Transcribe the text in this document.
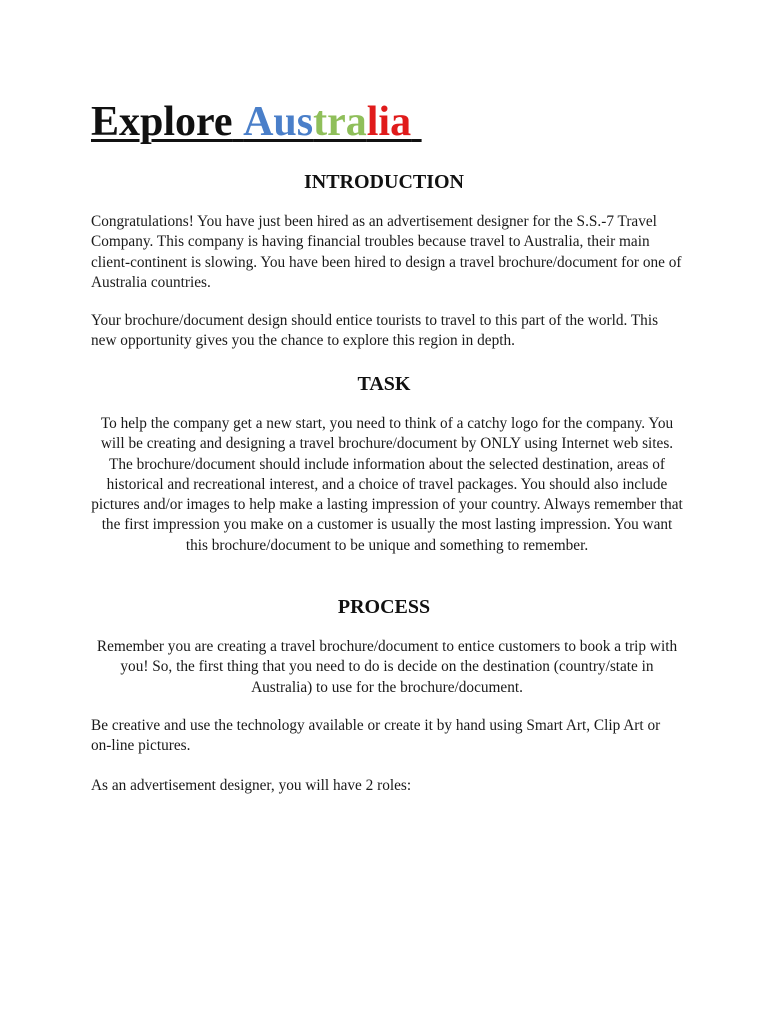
Explore Australia
INTRODUCTION
Congratulations! You have just been hired as an advertisement designer for the S.S.-7 Travel Company. This company is having financial troubles because travel to Australia, their main client-continent is slowing. You have been hired to design a travel brochure/document for one of Australia countries.
Your brochure/document design should entice tourists to travel to this part of the world. This new opportunity gives you the chance to explore this region in depth.
TASK
To help the company get a new start, you need to think of a catchy logo for the company. You will be creating and designing a travel brochure/document by ONLY using Internet web sites. The brochure/document should include information about the selected destination, areas of historical and recreational interest, and a choice of travel packages. You should also include pictures and/or images to help make a lasting impression of your country. Always remember that the first impression you make on a customer is usually the most lasting impression. You want this brochure/document to be unique and something to remember.
PROCESS
Remember you are creating a travel brochure/document to entice customers to book a trip with you! So, the first thing that you need to do is decide on the destination (country/state in Australia) to use for the brochure/document.
Be creative and use the technology available or create it by hand using Smart Art, Clip Art or on-line pictures.
As an advertisement designer, you will have 2 roles:
